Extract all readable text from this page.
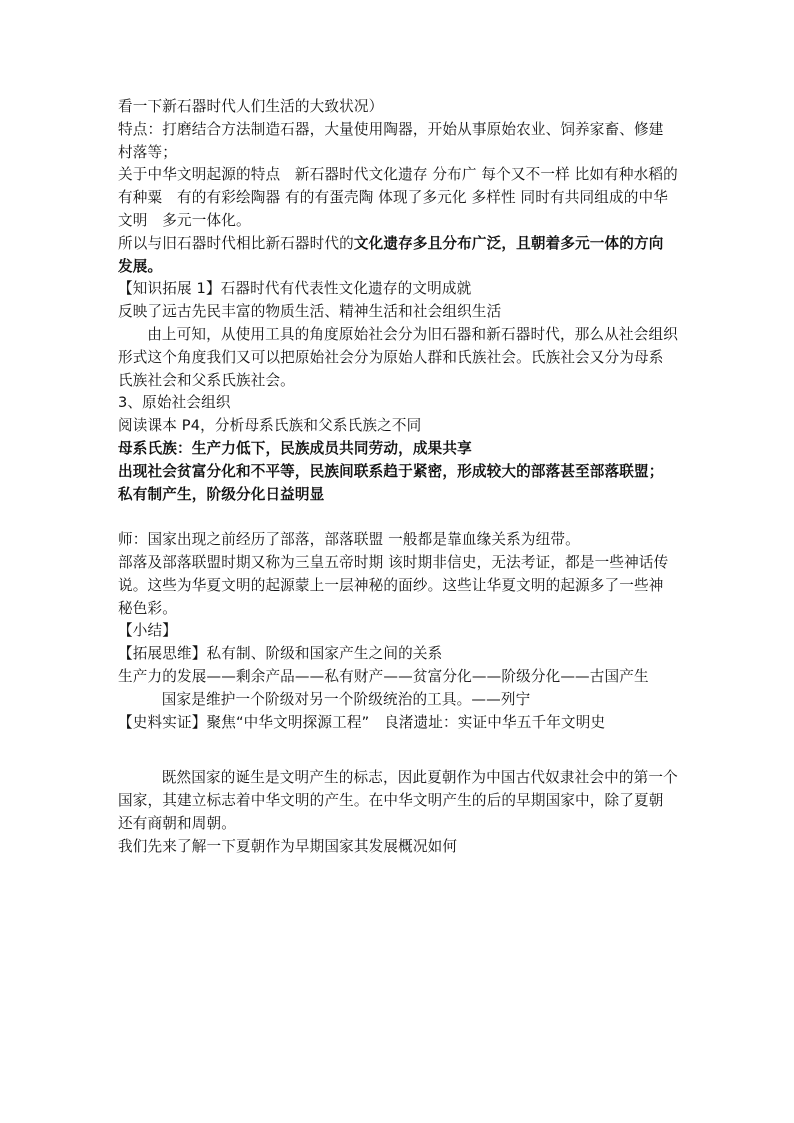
看一下新石器时代人们生活的大致状况）

特点：打磨结合方法制造石器，大量使用陶器，开始从事原始农业、饲养家畜、修建村落等；

关于中华文明起源的特点　新石器时代文化遗存 分布广 每个又不一样 比如有种水稻的 有种粟　有的有彩绘陶器 有的有蛋壳陶 体现了多元化 多样性 同时有共同组成的中华文明　多元一体化。

所以与旧石器时代相比新石器时代的文化遗存多且分布广泛，且朝着多元一体的方向发展。

【知识拓展 1】石器时代有代表性文化遗存的文明成就

反映了远古先民丰富的物质生活、精神生活和社会组织生活

由上可知，从使用工具的角度原始社会分为旧石器和新石器时代，那么从社会组织形式这个角度我们又可以把原始社会分为原始人群和氏族社会。氏族社会又分为母系氏族社会和父系氏族社会。

3、原始社会组织

阅读课本 P4，分析母系氏族和父系氏族之不同

母系氏族：生产力低下，民族成员共同劳动，成果共享

出现社会贫富分化和不平等，民族间联系趋于紧密，形成较大的部落甚至部落联盟；私有制产生，阶级分化日益明显

师：国家出现之前经历了部落，部落联盟 一般都是靠血缘关系为纽带。

部落及部落联盟时期又称为三皇五帝时期 该时期非信史，无法考证，都是一些神话传说。这些为华夏文明的起源蒙上一层神秘的面纱。这些让华夏文明的起源多了一些神秘色彩。

【小结】

【拓展思维】私有制、阶级和国家产生之间的关系

生产力的发展——剩余产品——私有财产——贫富分化——阶级分化——古国产生

国家是维护一个阶级对另一个阶级统治的工具。——列宁

【史料实证】聚焦“中华文明探源工程”　良渚遗址：实证中华五千年文明史

既然国家的诞生是文明产生的标志，因此夏朝作为中国古代奴隶社会中的第一个国家，其建立标志着中华文明的产生。在中华文明产生的后的早期国家中，除了夏朝还有商朝和周朝。

我们先来了解一下夏朝作为早期国家其发展概况如何
